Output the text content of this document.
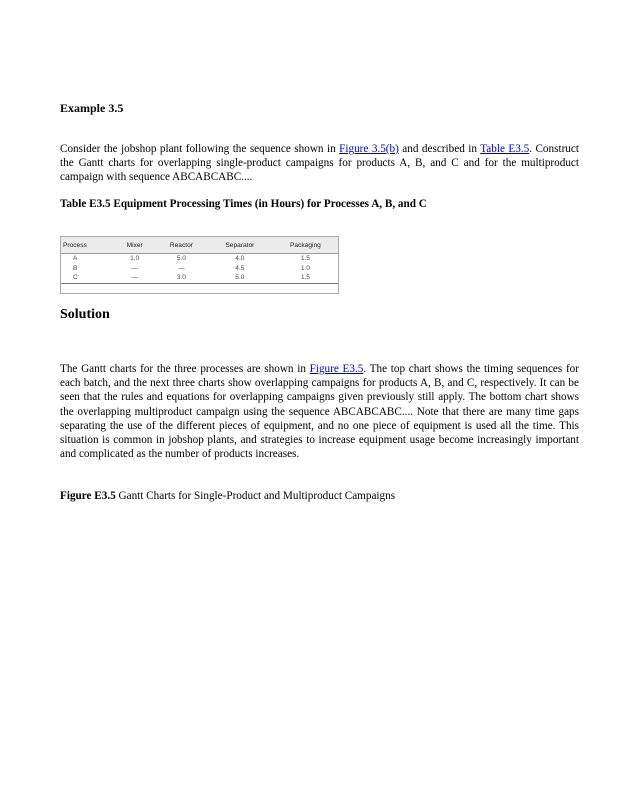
Example 3.5

Consider the jobshop plant following the sequence shown in Figure 3.5(b) and described in Table E3.5. Construct the Gantt charts for overlapping single-product campaigns for products A, B, and C and for the multiproduct campaign with sequence ABCABCABC....

Table E3.5 Equipment Processing Times (in Hours) for Processes A, B, and C

Process	Mixer	Reactor	Separator	Packaging
A	1.0	5.0	4.0	1.5
B	—	—	4.5	1.0
C	—	3.0	5.0	1.5

Solution

The Gantt charts for the three processes are shown in Figure E3.5. The top chart shows the timing sequences for each batch, and the next three charts show overlapping campaigns for products A, B, and C, respectively. It can be seen that the rules and equations for overlapping campaigns given previously still apply. The bottom chart shows the overlapping multiproduct campaign using the sequence ABCABCABC.... Note that there are many time gaps separating the use of the different pieces of equipment, and no one piece of equipment is used all the time. This situation is common in jobshop plants, and strategies to increase equipment usage become increasingly important and complicated as the number of products increases.

Figure E3.5 Gantt Charts for Single-Product and Multiproduct Campaigns
